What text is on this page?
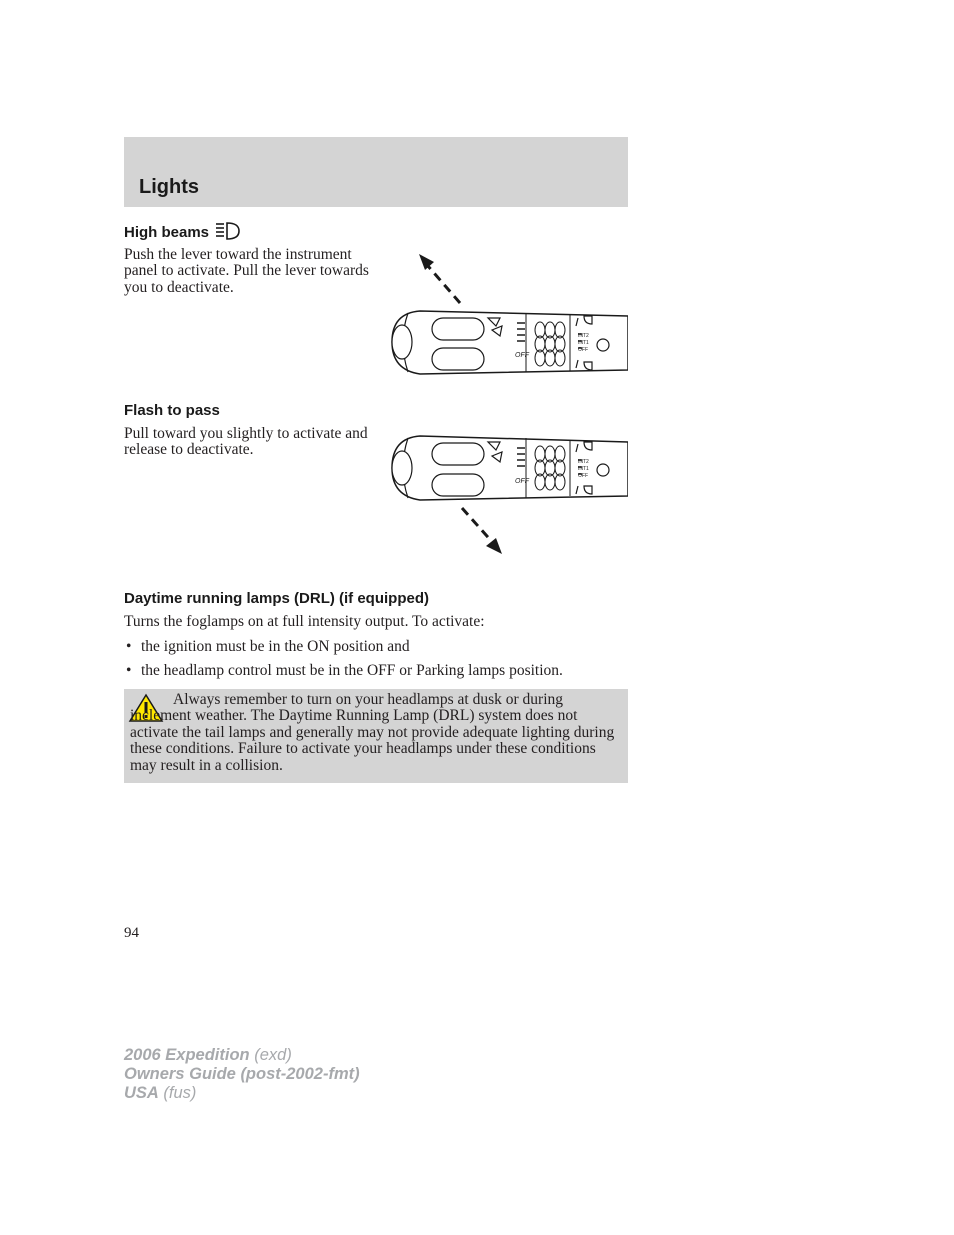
Lights
High beams
Push the lever toward the instrument panel to activate. Pull the lever towards you to deactivate.
INT2
INT1
OFF
OFF
Flash to pass
Pull toward you slightly to activate and release to deactivate.
INT2
INT1
OFF
OFF
Daytime running lamps (DRL) (if equipped)
Turns the foglamps on at full intensity output. To activate:
• the ignition must be in the ON position and
• the headlamp control must be in the OFF or Parking lamps position.
Always remember to turn on your headlamps at dusk or during inclement weather. The Daytime Running Lamp (DRL) system does not activate the tail lamps and generally may not provide adequate lighting during these conditions. Failure to activate your headlamps under these conditions may result in a collision.
94
2006 Expedition (exd)
Owners Guide (post-2002-fmt)
USA (fus)
